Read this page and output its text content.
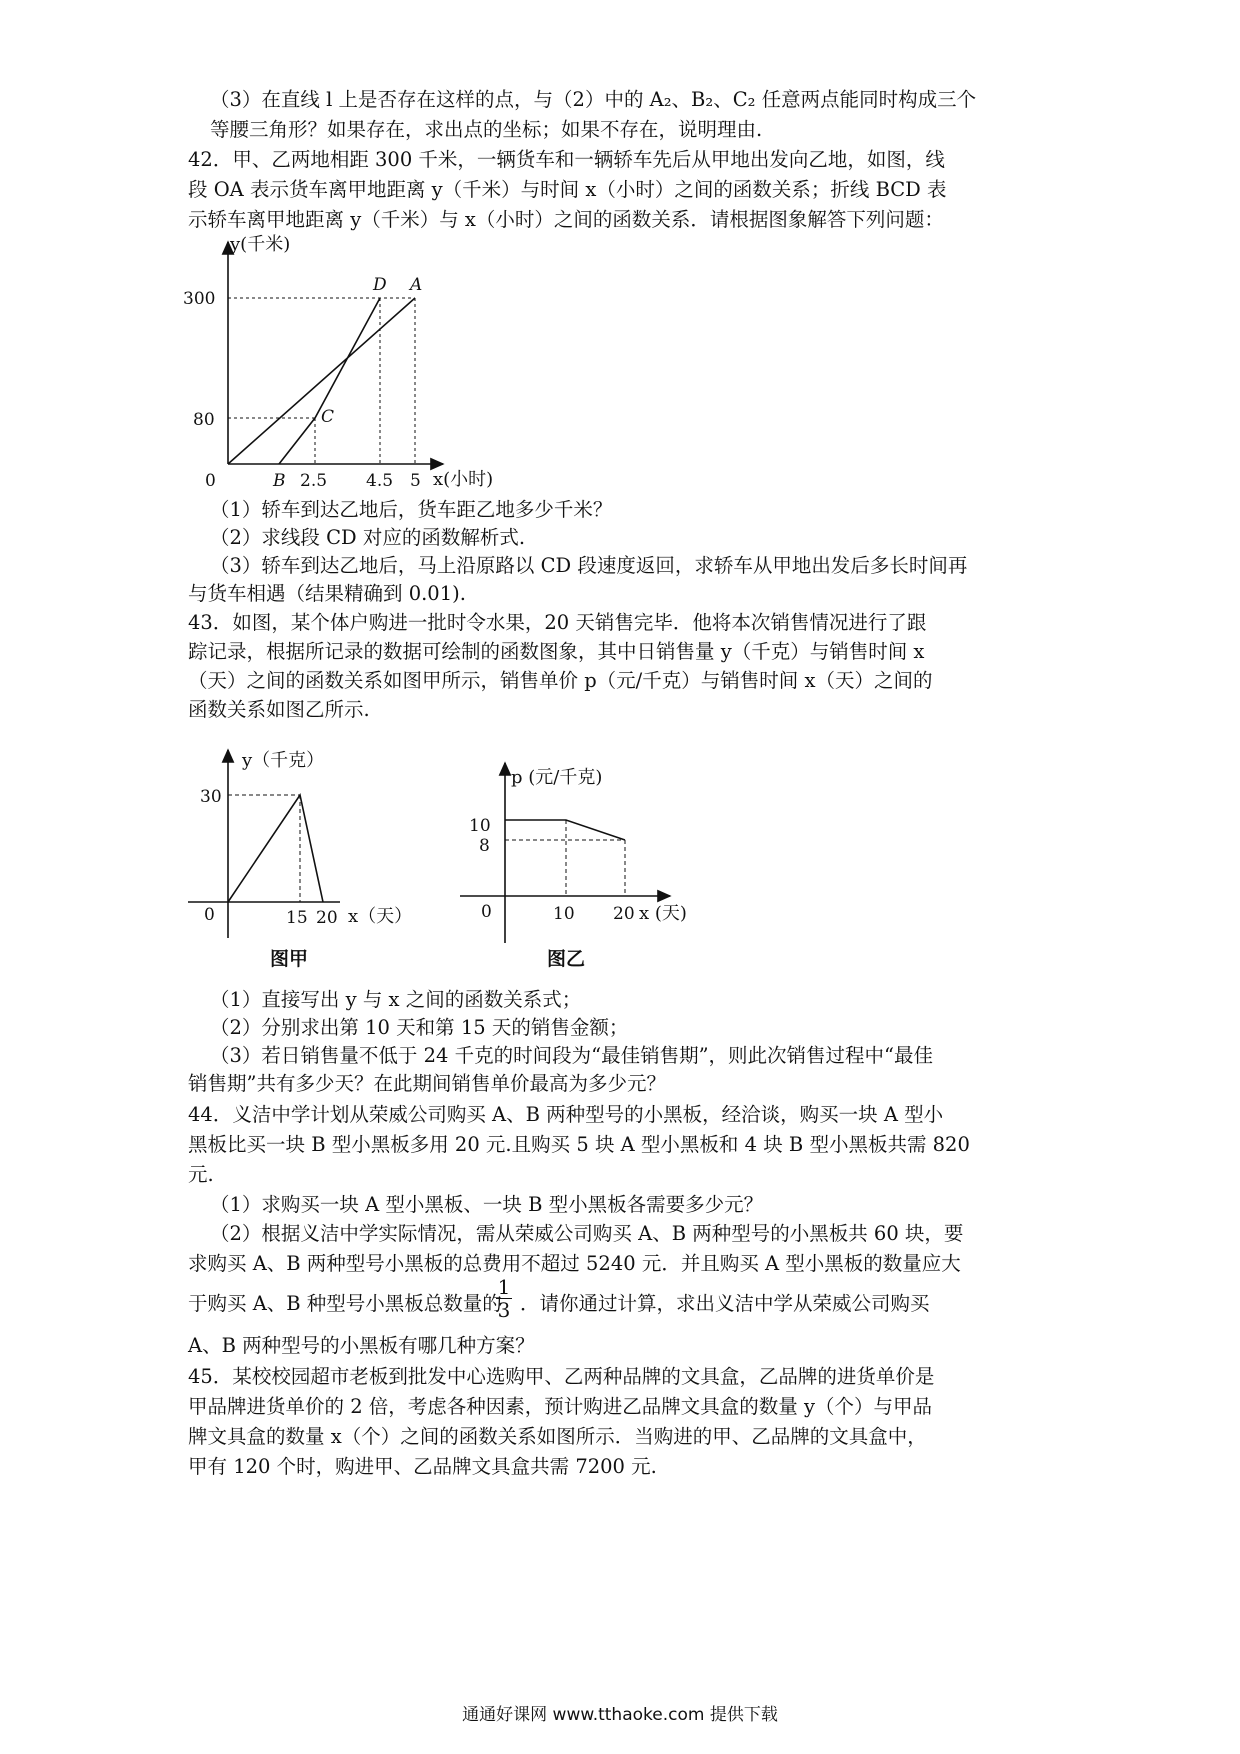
（3）在直线 l 上是否存在这样的点，与（2）中的 A₂、B₂、C₂ 任意两点能同时构成三个
等腰三角形？如果存在，求出点的坐标；如果不存在，说明理由.
42．甲、乙两地相距 300 千米，一辆货车和一辆轿车先后从甲地出发向乙地，如图，线
段 OA 表示货车离甲地距离 y（千米）与时间 x（小时）之间的函数关系；折线 BCD 表
示轿车离甲地距离 y（千米）与 x（小时）之间的函数关系．请根据图象解答下列问题：
y(千米)
300
80
0	B 2.5 4.5 5 x(小时)
D A
C
（1）轿车到达乙地后，货车距乙地多少千米？
（2）求线段 CD 对应的函数解析式.
（3）轿车到达乙地后，马上沿原路以 CD 段速度返回，求轿车从甲地出发后多长时间再
与货车相遇（结果精确到 0.01).
43．如图，某个体户购进一批时令水果，20 天销售完毕．他将本次销售情况进行了跟
踪记录，根据所记录的数据可绘制的函数图象，其中日销售量 y（千克）与销售时间 x
（天）之间的函数关系如图甲所示，销售单价 p（元/千克）与销售时间 x（天）之间的
函数关系如图乙所示.
y（千克）
30
0	15 20 x（天）
图甲
p (元/千克)
10
8
0	10 20 x (天)
图乙
（1）直接写出 y 与 x 之间的函数关系式；
（2）分别求出第 10 天和第 15 天的销售金额；
（3）若日销售量不低于 24 千克的时间段为“最佳销售期”，则此次销售过程中“最佳
销售期”共有多少天？在此期间销售单价最高为多少元？
44．义洁中学计划从荣威公司购买 A、B 两种型号的小黑板，经洽谈，购买一块 A 型小
黑板比买一块 B 型小黑板多用 20 元.且购买 5 块 A 型小黑板和 4 块 B 型小黑板共需 820
元.
（1）求购买一块 A 型小黑板、一块 B 型小黑板各需要多少元？
（2）根据义洁中学实际情况，需从荣威公司购买 A、B 两种型号的小黑板共 60 块，要
求购买 A、B 两种型号小黑板的总费用不超过 5240 元．并且购买 A 型小黑板的数量应大
于购买 A、B 种型号小黑板总数量的
1
3 ．请你通过计算，求出义洁中学从荣威公司购买
A、B 两种型号的小黑板有哪几种方案？
45．某校校园超市老板到批发中心选购甲、乙两种品牌的文具盒，乙品牌的进货单价是
甲品牌进货单价的 2 倍，考虑各种因素，预计购进乙品牌文具盒的数量 y（个）与甲品
牌文具盒的数量 x（个）之间的函数关系如图所示．当购进的甲、乙品牌的文具盒中，
甲有 120 个时，购进甲、乙品牌文具盒共需 7200 元.
通通好课网 www.tthaoke.com 提供下载
